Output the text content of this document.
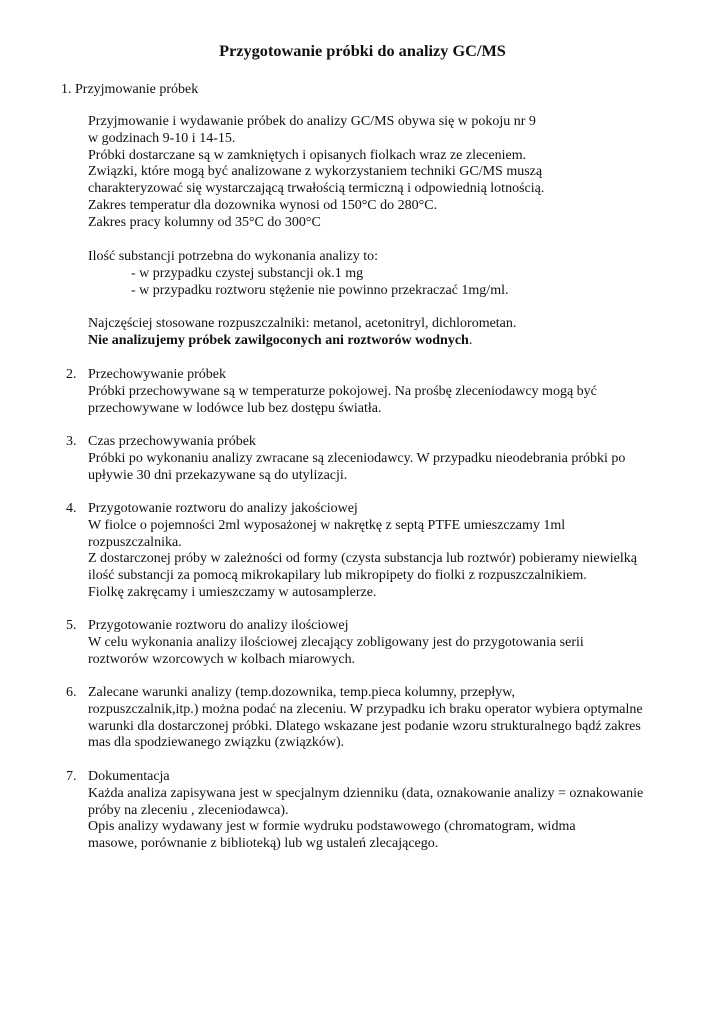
Przygotowanie próbki do analizy GC/MS
1. Przyjmowanie próbek
Przyjmowanie i wydawanie próbek do analizy GC/MS obywa się w pokoju nr 9
w godzinach 9-10 i 14-15.
Próbki dostarczane są w zamkniętych i opisanych fiolkach wraz ze zleceniem.
Związki, które mogą być analizowane z wykorzystaniem techniki GC/MS muszą
charakteryzować się wystarczającą trwałością termiczną i odpowiednią lotnością.
Zakres temperatur dla dozownika wynosi od 150°C do 280°C.
Zakres pracy kolumny od 35°C do 300°C
Ilość substancji potrzebna do wykonania analizy to:
- w przypadku czystej substancji ok.1 mg
- w przypadku roztworu stężenie nie powinno przekraczać 1mg/ml.
Najczęściej stosowane rozpuszczalniki: metanol, acetonitryl, dichlorometan.
Nie analizujemy próbek zawilgoconych ani roztworów wodnych.
2. Przechowywanie próbek
Próbki przechowywane są w temperaturze pokojowej. Na prośbę zleceniodawcy mogą być
przechowywane w lodówce lub bez dostępu światła.
3. Czas przechowywania próbek
Próbki po wykonaniu analizy zwracane są zleceniodawcy. W przypadku nieodebrania próbki po
upływie 30 dni przekazywane są do utylizacji.
4. Przygotowanie roztworu do analizy jakościowej
W fiolce o pojemności 2ml wyposażonej w nakrętkę z septą PTFE umieszczamy 1ml
rozpuszczalnika.
Z dostarczonej próby w zależności od formy (czysta substancja lub roztwór) pobieramy niewielką
ilość substancji za pomocą mikrokapilary lub mikropipety do fiolki z rozpuszczalnikiem.
Fiolkę zakręcamy i umieszczamy w autosamplerze.
5. Przygotowanie roztworu do analizy ilościowej
W celu wykonania analizy ilościowej zlecający zobligowany jest do przygotowania serii
roztworów wzorcowych w kolbach miarowych.
6. Zalecane warunki analizy (temp.dozownika, temp.pieca kolumny, przepływ,
rozpuszczalnik,itp.) można podać na zleceniu. W przypadku ich braku operator wybiera optymalne
warunki dla dostarczonej próbki. Dlatego wskazane jest podanie wzoru strukturalnego bądź zakres
mas dla spodziewanego związku (związków).
7. Dokumentacja
Każda analiza zapisywana jest w specjalnym dzienniku (data, oznakowanie analizy = oznakowanie
próby na zleceniu , zleceniodawca).
Opis analizy wydawany jest w formie wydruku podstawowego (chromatogram, widma
masowe, porównanie z biblioteką) lub wg ustaleń zlecającego.
